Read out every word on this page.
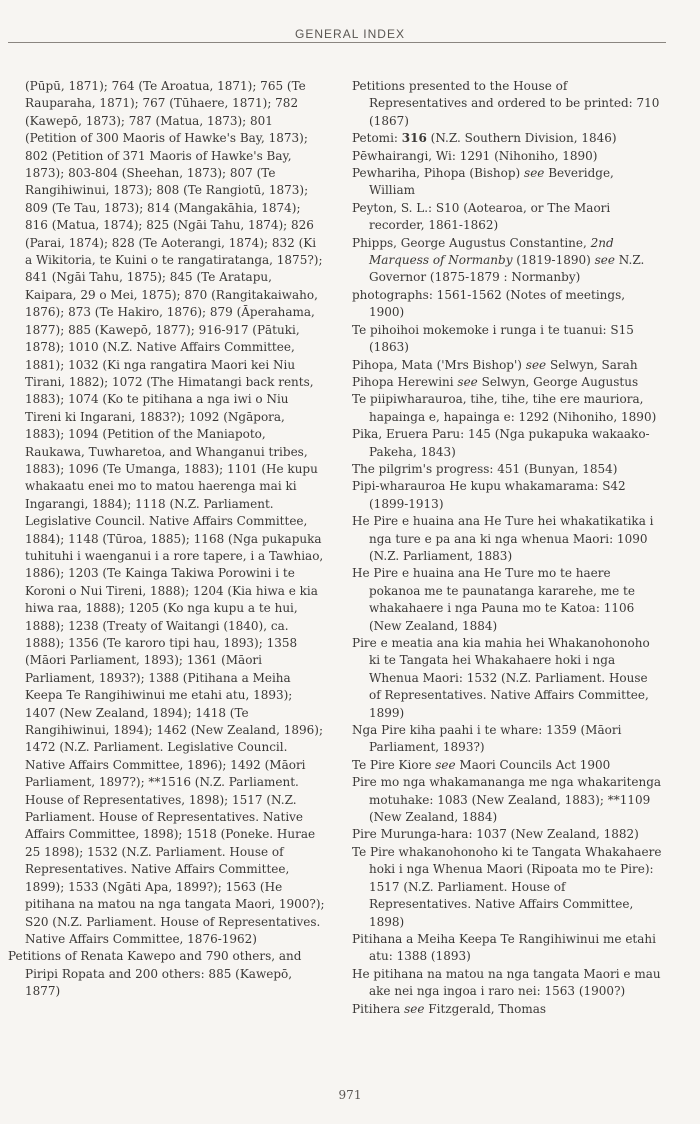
GENERAL INDEX

(Pūpū, 1871); 764 (Te Aroatua, 1871); 765 (Te Rauparaha, 1871); 767 (Tūhaere, 1871); 782 (Kawepō, 1873); 787 (Matua, 1873); 801 (Petition of 300 Maoris of Hawke's Bay, 1873); 802 (Petition of 371 Maoris of Hawke's Bay, 1873); 803-804 (Sheehan, 1873); 807 (Te Rangihiwinui, 1873); 808 (Te Rangiotū, 1873); 809 (Te Tau, 1873); 814 (Mangakāhia, 1874); 816 (Matua, 1874); 825 (Ngāi Tahu, 1874); 826 (Parai, 1874); 828 (Te Aoterangi, 1874); 832 (Ki a Wikitoria, te Kuini o te rangatiratanga, 1875?); 841 (Ngāi Tahu, 1875); 845 (Te Aratapu, Kaipara, 29 o Mei, 1875); 870 (Rangitakaiwaho, 1876); 873 (Te Hakiro, 1876); 879 (Āperahama, 1877); 885 (Kawepō, 1877); 916-917 (Pātuki, 1878); 1010 (N.Z. Native Affairs Committee, 1881); 1032 (Ki nga rangatira Maori kei Niu Tirani, 1882); 1072 (The Himatangi back rents, 1883); 1074 (Ko te pitihana a nga iwi o Niu Tireni ki Ingarani, 1883?); 1092 (Ngāpora, 1883); 1094 (Petition of the Maniapoto, Raukawa, Tuwharetoa, and Whanganui tribes, 1883); 1096 (Te Umanga, 1883); 1101 (He kupu whakaatu enei mo to matou haerenga mai ki Ingarangi, 1884); 1118 (N.Z. Parliament. Legislative Council. Native Affairs Committee, 1884); 1148 (Tūroa, 1885); 1168 (Nga pukapuka tuhituhi i waenganui i a rore tapere, i a Tawhiao, 1886); 1203 (Te Kainga Takiwa Porowini i te Koroni o Nui Tireni, 1888); 1204 (Kia hiwa e kia hiwa raa, 1888); 1205 (Ko nga kupu a te hui, 1888); 1238 (Treaty of Waitangi (1840), ca. 1888); 1356 (Te karoro tipi hau, 1893); 1358 (Māori Parliament, 1893); 1361 (Māori Parliament, 1893?); 1388 (Pitihana a Meiha Keepa Te Rangihiwinui me etahi atu, 1893); 1407 (New Zealand, 1894); 1418 (Te Rangihiwinui, 1894); 1462 (New Zealand, 1896); 1472 (N.Z. Parliament. Legislative Council. Native Affairs Committee, 1896); 1492 (Māori Parliament, 1897?); **1516 (N.Z. Parliament. House of Representatives, 1898); 1517 (N.Z. Parliament. House of Representatives. Native Affairs Committee, 1898); 1518 (Poneke. Hurae 25 1898); 1532 (N.Z. Parliament. House of Representatives. Native Affairs Committee, 1899); 1533 (Ngāti Apa, 1899?); 1563 (He pitihana na matou na nga tangata Maori, 1900?); S20 (N.Z. Parliament. House of Representatives. Native Affairs Committee, 1876-1962)

Petitions of Renata Kawepo and 790 others, and Piripi Ropata and 200 others: 885 (Kawepō, 1877)

Petitions presented to the House of Representatives and ordered to be printed: 710 (1867)

Petomi: 316 (N.Z. Southern Division, 1846)

Pēwhairangi, Wi: 1291 (Nihoniho, 1890)

Pewhariha, Pihopa (Bishop) see Beveridge, William

Peyton, S. L.: S10 (Aotearoa, or The Maori recorder, 1861-1862)

Phipps, George Augustus Constantine, 2nd Marquess of Normanby (1819-1890) see N.Z. Governor (1875-1879 : Normanby)

photographs: 1561-1562 (Notes of meetings, 1900)

Te pihoihoi mokemoke i runga i te tuanui: S15 (1863)

Pihopa, Mata ('Mrs Bishop') see Selwyn, Sarah

Pihopa Herewini see Selwyn, George Augustus

Te piipiwharauroa, tihe, tihe, tihe ere mauriora, hapainga e, hapainga e: 1292 (Nihoniho, 1890)

Pika, Eruera Paru: 145 (Nga pukapuka wakaako-Pakeha, 1843)

The pilgrim's progress: 451 (Bunyan, 1854)

Pipi-wharauroa He kupu whakamarama: S42 (1899-1913)

He Pire e huaina ana He Ture hei whakatikatika i nga ture e pa ana ki nga whenua Maori: 1090 (N.Z. Parliament, 1883)

He Pire e huaina ana He Ture mo te haere pokanoa me te paunatanga kararehe, me te whakahaere i nga Pauna mo te Katoa: 1106 (New Zealand, 1884)

Pire e meatia ana kia mahia hei Whakanohonoho ki te Tangata hei Whakahaere hoki i nga Whenua Maori: 1532 (N.Z. Parliament. House of Representatives. Native Affairs Committee, 1899)

Nga Pire kiha paahi i te whare: 1359 (Māori Parliament, 1893?)

Te Pire Kiore see Maori Councils Act 1900

Pire mo nga whakamananga me nga whakaritenga motuhake: 1083 (New Zealand, 1883); **1109 (New Zealand, 1884)

Pire Murunga-hara: 1037 (New Zealand, 1882)

Te Pire whakanohonoho ki te Tangata Whakahaere hoki i nga Whenua Maori (Ripoata mo te Pire): 1517 (N.Z. Parliament. House of Representatives. Native Affairs Committee, 1898)

Pitihana a Meiha Keepa Te Rangihiwinui me etahi atu: 1388 (1893)

He pitihana na matou na nga tangata Maori e mau ake nei nga ingoa i raro nei: 1563 (1900?)

Pitihera see Fitzgerald, Thomas

971
